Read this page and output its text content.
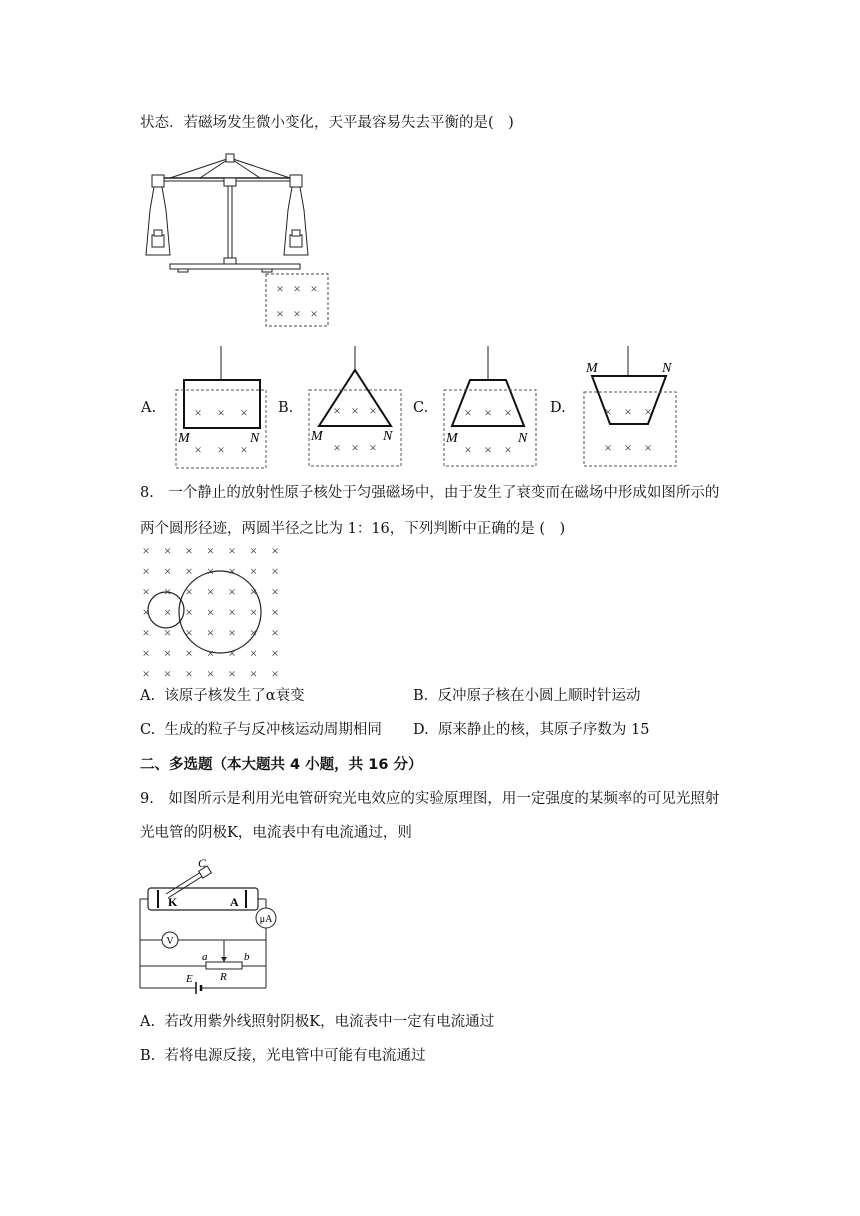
状态．若磁场发生微小变化，天平最容易失去平衡的是(　)
× × ×
× × ×
A.	× × ×
× × ×
M	N
B.	× × ×
× × ×
M	N
C.	× × ×
× × ×
M	N
D.	× × ×
× × ×
M	N
8.　一个静止的放射性原子核处于匀强磁场中，由于发生了衰变而在磁场中形成如图所示的
两个圆形径迹，两圆半径之比为 1：16，下列判断中正确的是 (　)
× × × × × × ×
× × × × × × ×
× × × × × × ×
× × × × × × ×
× × × × × × ×
× × × × × × ×
× × × × × × ×
A. 该原子核发生了α衰变	B. 反冲原子核在小圆上顺时针运动
C. 生成的粒子与反冲核运动周期相同 D. 原来静止的核，其原子序数为 15
二、多选题（本大题共 4 小题，共 16 分）
9.　如图所示是利用光电管研究光电效应的实验原理图，用一定强度的某频率的可见光照射
光电管的阴极K，电流表中有电流通过，则
C
K	A
μA
V
a	b
R
E
A. 若改用紫外线照射阴极K，电流表中一定有电流通过
B. 若将电源反接，光电管中可能有电流通过
